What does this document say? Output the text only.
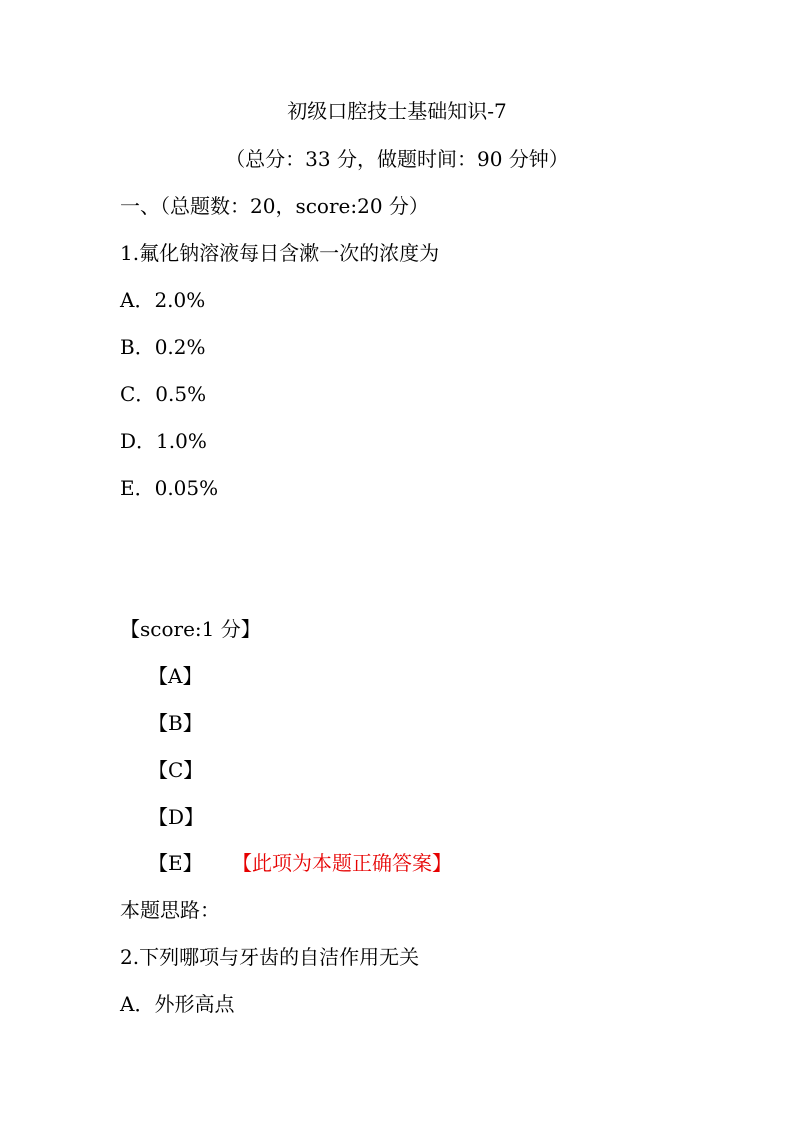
初级口腔技士基础知识-7
（总分：33 分，做题时间：90 分钟）
一、（总题数：20，score:20 分）
1.氟化钠溶液每日含漱一次的浓度为
A．2.0%
B．0.2%
C．0.5%
D．1.0%
E．0.05%
【score:1 分】
【A】
【B】
【C】
【D】
【E】 【此项为本题正确答案】
本题思路：
2.下列哪项与牙齿的自洁作用无关
A．外形高点
